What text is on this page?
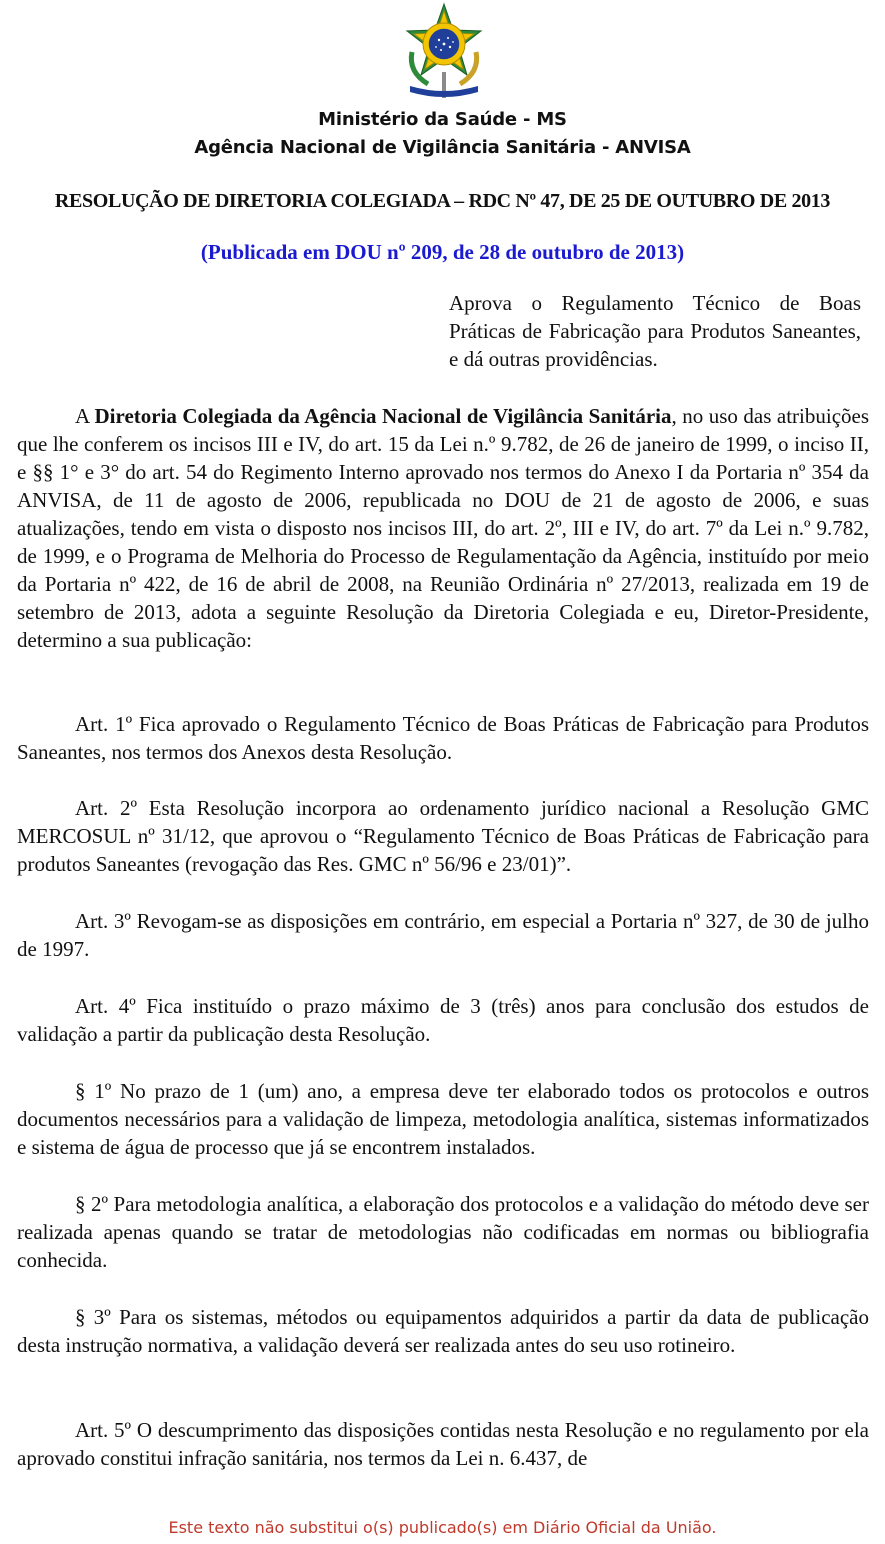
Ministério da Saúde - MS
Agência Nacional de Vigilância Sanitária - ANVISA
RESOLUÇÃO DE DIRETORIA COLEGIADA – RDC Nº 47, DE 25 DE OUTUBRO DE 2013
(Publicada em DOU nº 209, de 28 de outubro de 2013)
Aprova o Regulamento Técnico de Boas Práticas de Fabricação para Produtos Saneantes, e dá outras providências.

A Diretoria Colegiada da Agência Nacional de Vigilância Sanitária, no uso das atribuições que lhe conferem os incisos III e IV, do art. 15 da Lei n.º 9.782, de 26 de janeiro de 1999, o inciso II, e §§ 1° e 3° do art. 54 do Regimento Interno aprovado nos termos do Anexo I da Portaria nº 354 da ANVISA, de 11 de agosto de 2006, republicada no DOU de 21 de agosto de 2006, e suas atualizações, tendo em vista o disposto nos incisos III, do art. 2º, III e IV, do art. 7º da Lei n.º 9.782, de 1999, e o Programa de Melhoria do Processo de Regulamentação da Agência, instituído por meio da Portaria nº 422, de 16 de abril de 2008, na Reunião Ordinária nº 27/2013, realizada em 19 de setembro de 2013, adota a seguinte Resolução da Diretoria Colegiada e eu, Diretor-Presidente, determino a sua publicação:

Art. 1º Fica aprovado o Regulamento Técnico de Boas Práticas de Fabricação para Produtos Saneantes, nos termos dos Anexos desta Resolução.

Art. 2º Esta Resolução incorpora ao ordenamento jurídico nacional a Resolução GMC MERCOSUL nº 31/12, que aprovou o “Regulamento Técnico de Boas Práticas de Fabricação para produtos Saneantes (revogação das Res. GMC nº 56/96 e 23/01)”.

Art. 3º Revogam-se as disposições em contrário, em especial a Portaria nº 327, de 30 de julho de 1997.

Art. 4º Fica instituído o prazo máximo de 3 (três) anos para conclusão dos estudos de validação a partir da publicação desta Resolução.

§ 1º No prazo de 1 (um) ano, a empresa deve ter elaborado todos os protocolos e outros documentos necessários para a validação de limpeza, metodologia analítica, sistemas informatizados e sistema de água de processo que já se encontrem instalados.

§ 2º Para metodologia analítica, a elaboração dos protocolos e a validação do método deve ser realizada apenas quando se tratar de metodologias não codificadas em normas ou bibliografia conhecida.

§ 3º Para os sistemas, métodos ou equipamentos adquiridos a partir da data de publicação desta instrução normativa, a validação deverá ser realizada antes do seu uso rotineiro.

Art. 5º O descumprimento das disposições contidas nesta Resolução e no regulamento por ela aprovado constitui infração sanitária, nos termos da Lei n. 6.437, de

Este texto não substitui o(s) publicado(s) em Diário Oficial da União.
